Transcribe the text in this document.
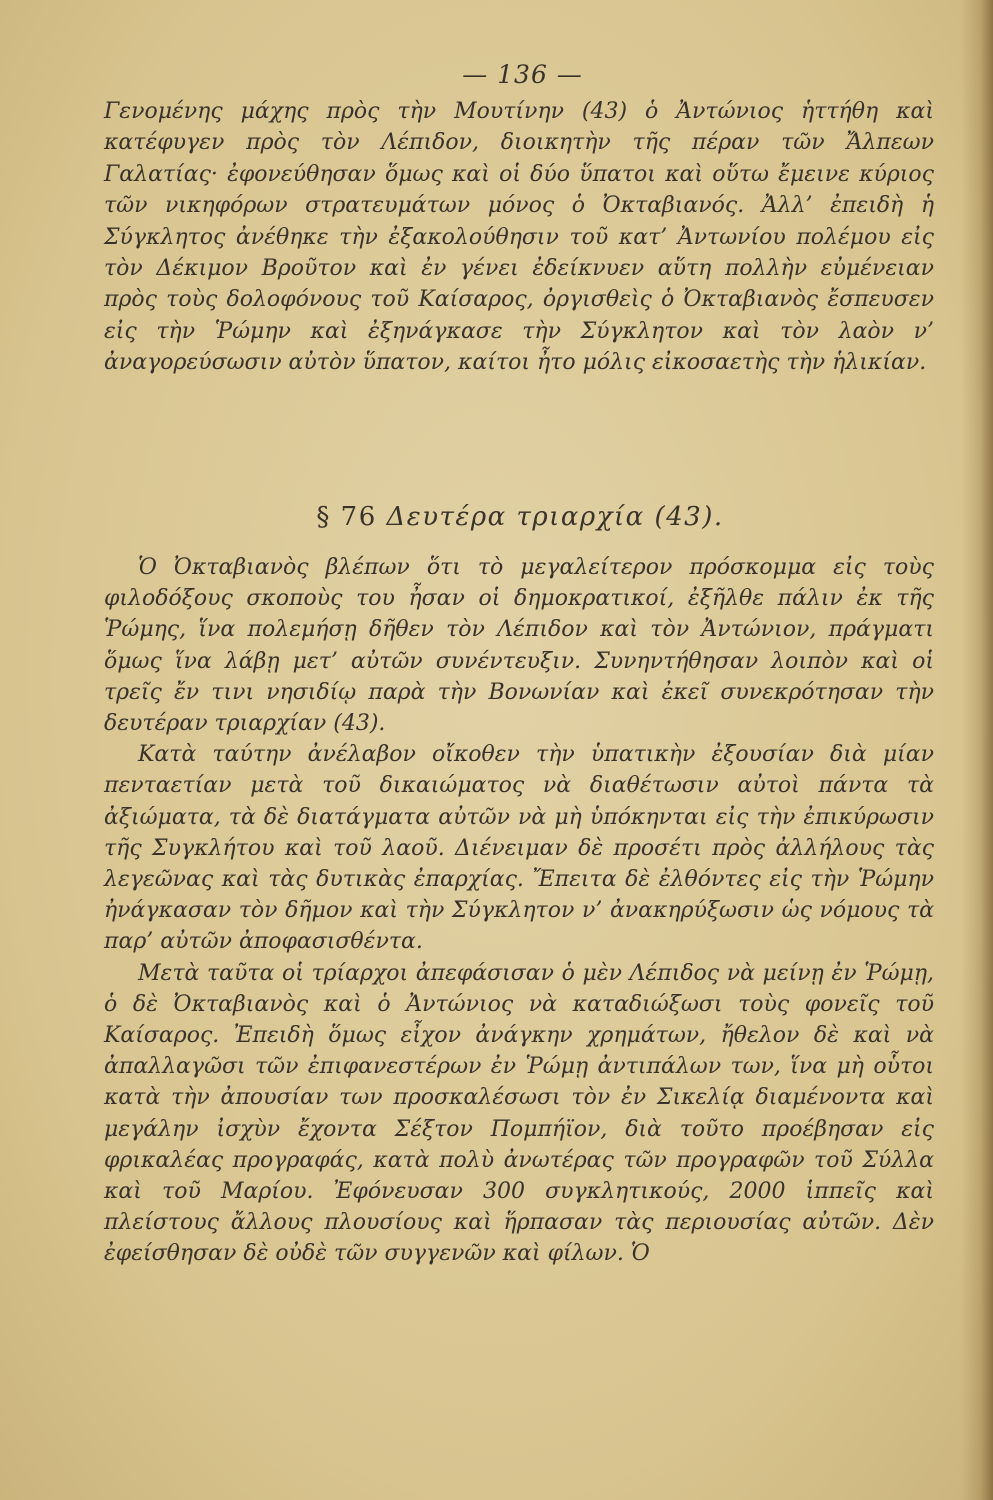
— 136 —

Γενομένης μάχης πρὸς τὴν Μουτίνην (43) ὁ Ἀντώνιος ἡττήθη καὶ κατέφυγεν πρὸς τὸν Λέπιδον, διοικητὴν τῆς πέραν τῶν Ἄλπεων Γαλατίας· ἐφονεύθησαν ὅμως καὶ οἱ δύο ὕπατοι καὶ οὕτω ἔμεινε κύριος τῶν νικηφόρων στρατευμάτων μόνος ὁ Ὀκταβιανός. Ἀλλ’ ἐπειδὴ ἡ Σύγκλητος ἀνέθηκε τὴν ἐξακολούθησιν τοῦ κατ’ Ἀντωνίου πολέμου εἰς τὸν Δέκιμον Βροῦτον καὶ ἐν γένει ἐδείκνυεν αὕτη πολλὴν εὐμένειαν πρὸς τοὺς δολοφόνους τοῦ Καίσαρος, ὀργισθεὶς ὁ Ὀκταβιανὸς ἔσπευσεν εἰς τὴν Ῥώμην καὶ ἐξηνάγκασε τὴν Σύγκλητον καὶ τὸν λαὸν ν’ ἀναγορεύσωσιν αὐτὸν ὕπατον, καίτοι ἦτο μόλις εἰκοσαετὴς τὴν ἡλικίαν.

§ 76 Δευτέρα τριαρχία (43).

Ὁ Ὀκταβιανὸς βλέπων ὅτι τὸ μεγαλείτερον πρόσκομμα εἰς τοὺς φιλοδόξους σκοποὺς του ἦσαν οἱ δημοκρατικοί, ἐξῆλθε πάλιν ἐκ τῆς Ῥώμης, ἵνα πολεμήσῃ δῆθεν τὸν Λέπιδον καὶ τὸν Ἀντώνιον, πράγματι ὅμως ἵνα λάβῃ μετ’ αὐτῶν συνέντευξιν. Συνηντήθησαν λοιπὸν καὶ οἱ τρεῖς ἔν τινι νησιδίῳ παρὰ τὴν Βονωνίαν καὶ ἐκεῖ συνεκρότησαν τὴν δευτέραν τριαρχίαν (43).

Κατὰ ταύτην ἀνέλαβον οἴκοθεν τὴν ὑπατικὴν ἐξουσίαν διὰ μίαν πενταετίαν μετὰ τοῦ δικαιώματος νὰ διαθέτωσιν αὐτοὶ πάντα τὰ ἀξιώματα, τὰ δὲ διατάγματα αὐτῶν νὰ μὴ ὑπόκηνται εἰς τὴν ἐπικύρωσιν τῆς Συγκλήτου καὶ τοῦ λαοῦ. Διένειμαν δὲ προσέτι πρὸς ἀλλήλους τὰς λεγεῶνας καὶ τὰς δυτικὰς ἐπαρχίας. Ἔπειτα δὲ ἐλθόντες εἰς τὴν Ῥώμην ἠνάγκασαν τὸν δῆμον καὶ τὴν Σύγκλητον ν’ ἀνακηρύξωσιν ὡς νόμους τὰ παρ’ αὐτῶν ἀποφασισθέντα.

Μετὰ ταῦτα οἱ τρίαρχοι ἀπεφάσισαν ὁ μὲν Λέπιδος νὰ μείνῃ ἐν Ῥώμῃ, ὁ δὲ Ὀκταβιανὸς καὶ ὁ Ἀντώνιος νὰ καταδιώξωσι τοὺς φονεῖς τοῦ Καίσαρος. Ἐπειδὴ ὅμως εἶχον ἀνάγκην χρημάτων, ἤθελον δὲ καὶ νὰ ἀπαλλαγῶσι τῶν ἐπιφανεστέρων ἐν Ῥώμῃ ἀντιπάλων των, ἵνα μὴ οὗτοι κατὰ τὴν ἀπουσίαν των προσκαλέσωσι τὸν ἐν Σικελίᾳ διαμένοντα καὶ μεγάλην ἰσχὺν ἔχοντα Σέξτον Πομπήϊον, διὰ τοῦτο προέβησαν εἰς φρικαλέας προγραφάς, κατὰ πολὺ ἀνωτέρας τῶν προγραφῶν τοῦ Σύλλα καὶ τοῦ Μαρίου. Ἐφόνευσαν 300 συγκλητικούς, 2000 ἱππεῖς καὶ πλείστους ἄλλους πλουσίους καὶ ἥρπασαν τὰς περιουσίας αὐτῶν. Δὲν ἐφείσθησαν δὲ οὐδὲ τῶν συγγενῶν καὶ φίλων. Ὁ
